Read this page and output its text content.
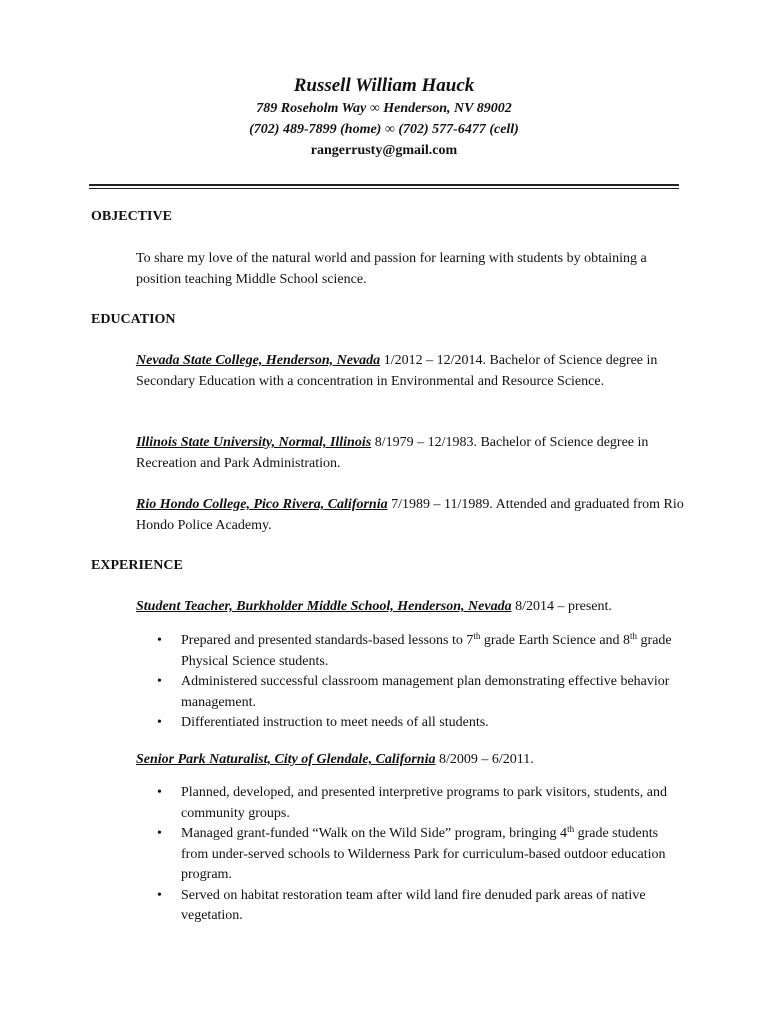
Russell William Hauck

789 Roseholm Way ∞ Henderson, NV 89002

(702) 489-7899 (home) ∞ (702) 577-6477 (cell)

rangerrusty@gmail.com

OBJECTIVE

To share my love of the natural world and passion for learning with students by obtaining a position teaching Middle School science.

EDUCATION

Nevada State College, Henderson, Nevada 1/2012 – 12/2014. Bachelor of Science degree in Secondary Education with a concentration in Environmental and Resource Science.

Illinois State University, Normal, Illinois 8/1979 – 12/1983. Bachelor of Science degree in Recreation and Park Administration.

Rio Hondo College, Pico Rivera, California 7/1989 – 11/1989. Attended and graduated from Rio Hondo Police Academy.

EXPERIENCE

Student Teacher, Burkholder Middle School, Henderson, Nevada 8/2014 – present.

• Prepared and presented standards-based lessons to 7th grade Earth Science and 8th grade Physical Science students.
• Administered successful classroom management plan demonstrating effective behavior management.
• Differentiated instruction to meet needs of all students.

Senior Park Naturalist, City of Glendale, California 8/2009 – 6/2011.

• Planned, developed, and presented interpretive programs to park visitors, students, and community groups.
• Managed grant-funded “Walk on the Wild Side” program, bringing 4th grade students from under-served schools to Wilderness Park for curriculum-based outdoor education program.
• Served on habitat restoration team after wild land fire denuded park areas of native vegetation.
